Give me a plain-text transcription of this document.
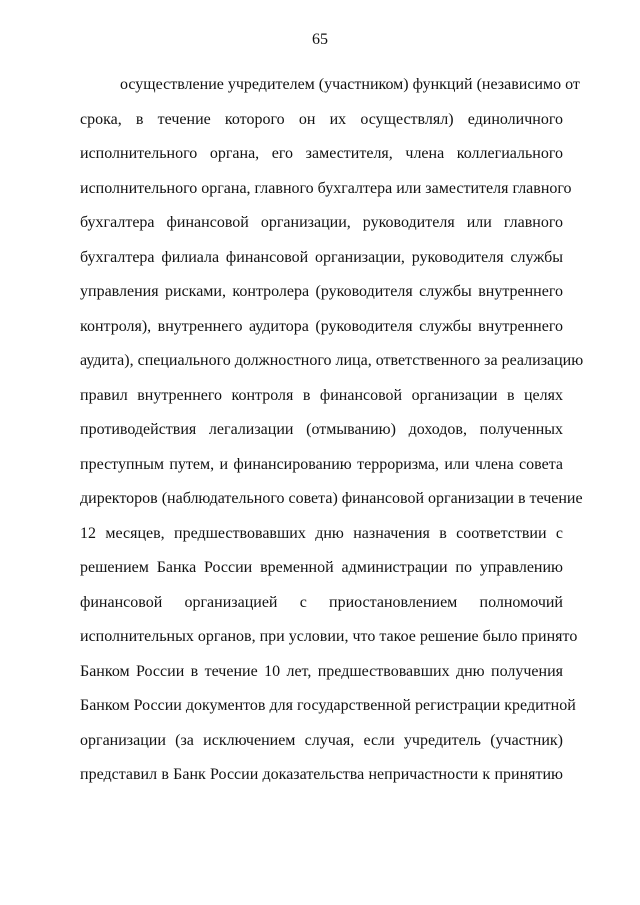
65
осуществление учредителем (участником) функций (независимо от
срока, в течение которого он их осуществлял) единоличного
исполнительного органа, его заместителя, члена коллегиального
исполнительного органа, главного бухгалтера или заместителя главного
бухгалтера финансовой организации, руководителя или главного
бухгалтера филиала финансовой организации, руководителя службы
управления рисками, контролера (руководителя службы внутреннего
контроля), внутреннего аудитора (руководителя службы внутреннего
аудита), специального должностного лица, ответственного за реализацию
правил внутреннего контроля в финансовой организации в целях
противодействия легализации (отмыванию) доходов, полученных
преступным путем, и финансированию терроризма, или члена совета
директоров (наблюдательного совета) финансовой организации в течение
12 месяцев, предшествовавших дню назначения в соответствии с
решением Банка России временной администрации по управлению
финансовой организацией с приостановлением полномочий
исполнительных органов, при условии, что такое решение было принято
Банком России в течение 10 лет, предшествовавших дню получения
Банком России документов для государственной регистрации кредитной
организации (за исключением случая, если учредитель (участник)
представил в Банк России доказательства непричастности к принятию
